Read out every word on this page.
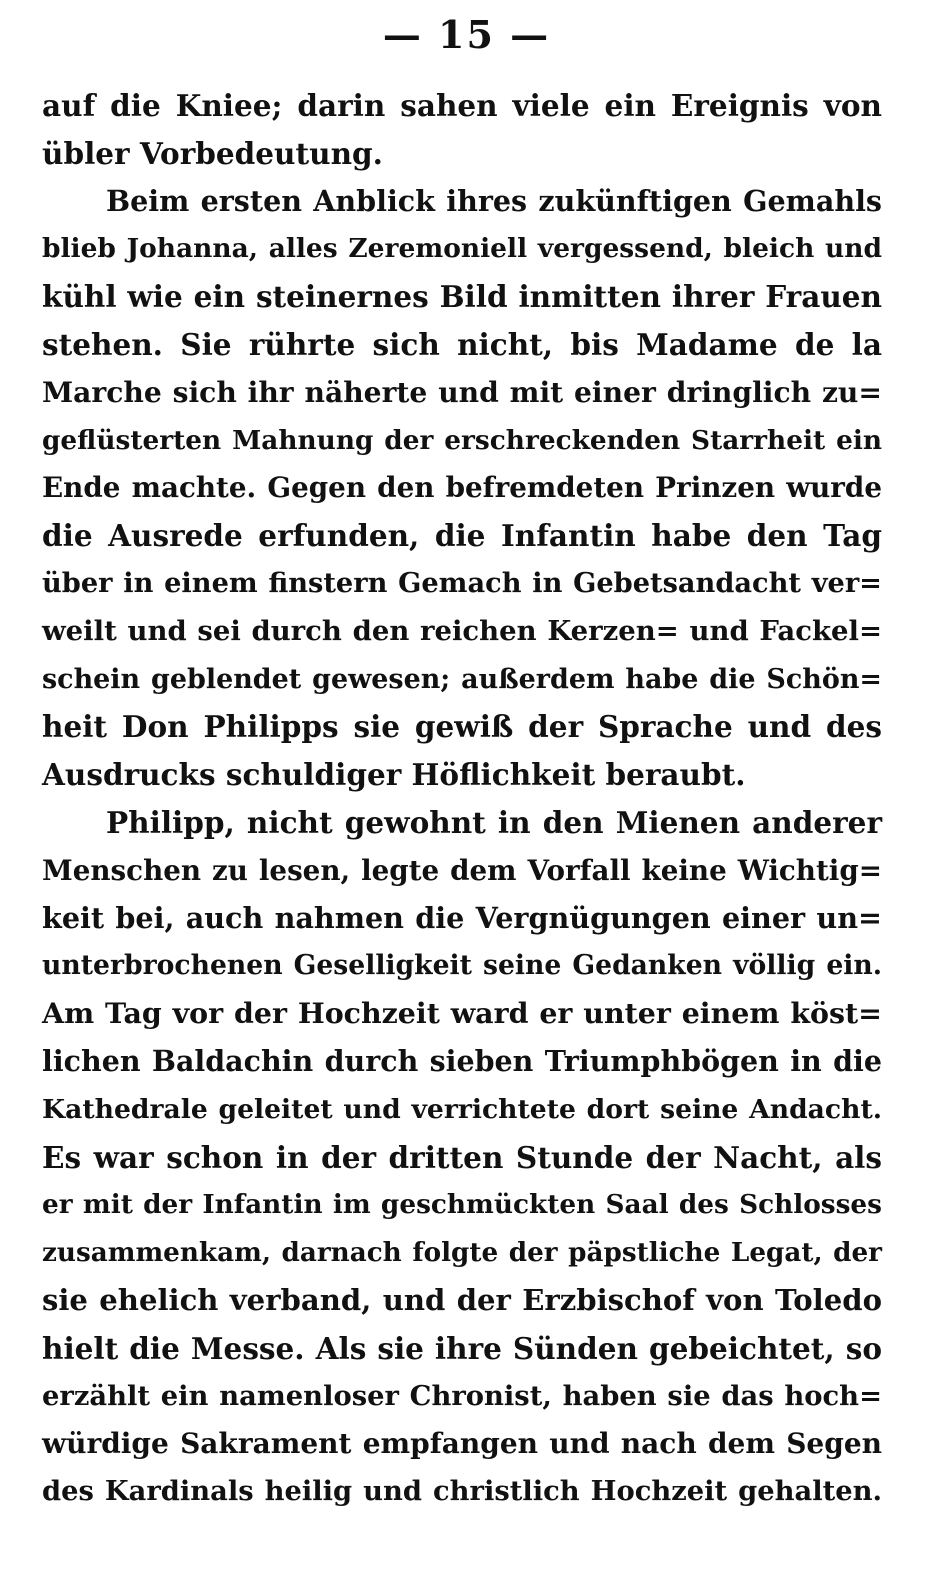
— 15 —
auf die Kniee; darin sahen viele ein Ereignis von
übler Vorbedeutung.
Beim ersten Anblick ihres zukünftigen Gemahls
blieb Johanna, alles Zeremoniell vergessend, bleich und
kühl wie ein steinernes Bild inmitten ihrer Frauen
stehen. Sie rührte sich nicht, bis Madame de la
Marche sich ihr näherte und mit einer dringlich zu=
geflüsterten Mahnung der erschreckenden Starrheit ein
Ende machte. Gegen den befremdeten Prinzen wurde
die Ausrede erfunden, die Infantin habe den Tag
über in einem finstern Gemach in Gebetsandacht ver=
weilt und sei durch den reichen Kerzen= und Fackel=
schein geblendet gewesen; außerdem habe die Schön=
heit Don Philipps sie gewiß der Sprache und des
Ausdrucks schuldiger Höflichkeit beraubt.
Philipp, nicht gewohnt in den Mienen anderer
Menschen zu lesen, legte dem Vorfall keine Wichtig=
keit bei, auch nahmen die Vergnügungen einer un=
unterbrochenen Geselligkeit seine Gedanken völlig ein.
Am Tag vor der Hochzeit ward er unter einem köst=
lichen Baldachin durch sieben Triumphbögen in die
Kathedrale geleitet und verrichtete dort seine Andacht.
Es war schon in der dritten Stunde der Nacht, als
er mit der Infantin im geschmückten Saal des Schlosses
zusammenkam, darnach folgte der päpstliche Legat, der
sie ehelich verband, und der Erzbischof von Toledo
hielt die Messe. Als sie ihre Sünden gebeichtet, so
erzählt ein namenloser Chronist, haben sie das hoch=
würdige Sakrament empfangen und nach dem Segen
des Kardinals heilig und christlich Hochzeit gehalten.
